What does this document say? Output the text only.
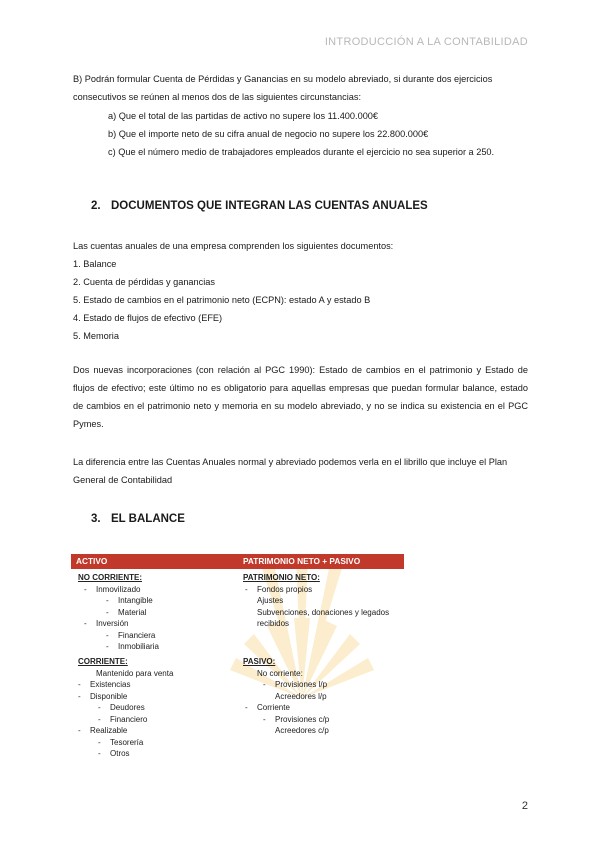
INTRODUCCIÓN A LA CONTABILIDAD
B) Podrán formular Cuenta de Pérdidas y Ganancias en su modelo abreviado, si durante dos ejercicios consecutivos se reúnen al menos dos de las siguientes circunstancias:
a) Que el total de las partidas de activo no supere los 11.400.000€
b) Que el importe neto de su cifra anual de negocio no supere los 22.800.000€
c) Que el número medio de trabajadores empleados durante el ejercicio no sea superior a 250.
2. DOCUMENTOS QUE INTEGRAN LAS CUENTAS ANUALES
Las cuentas anuales de una empresa comprenden los siguientes documentos:
1. Balance
2. Cuenta de pérdidas y ganancias
5. Estado de cambios en el patrimonio neto (ECPN): estado A y estado B
4. Estado de flujos de efectivo (EFE)
5. Memoria
Dos nuevas incorporaciones (con relación al PGC 1990): Estado de cambios en el patrimonio y Estado de flujos de efectivo; este último no es obligatorio para aquellas empresas que puedan formular balance, estado de cambios en el patrimonio neto y memoria en su modelo abreviado, y no se indica su existencia en el PGC Pymes.
La diferencia entre las Cuentas Anuales normal y abreviado podemos verla en el librillo que incluye el Plan General de Contabilidad
3. EL BALANCE
ACTIVO	PATRIMONIO NETO + PASIVO
NO CORRIENTE:
- Inmovilizado
- Intangible
- Material
- Inversión
- Financiera
- Inmobiliaria
PATRIMONIO NETO:
- Fondos propios
Ajustes
Subvenciones, donaciones y legados
recibidos
CORRIENTE:
Mantenido para venta
- Existencias
- Disponible
- Deudores
- Financiero
- Realizable
- Tesorería
- Otros
PASIVO:
No corriente:
- Provisiones l/p
Acreedores l/p
- Corriente
- Provisiones c/p
Acreedores c/p
2
